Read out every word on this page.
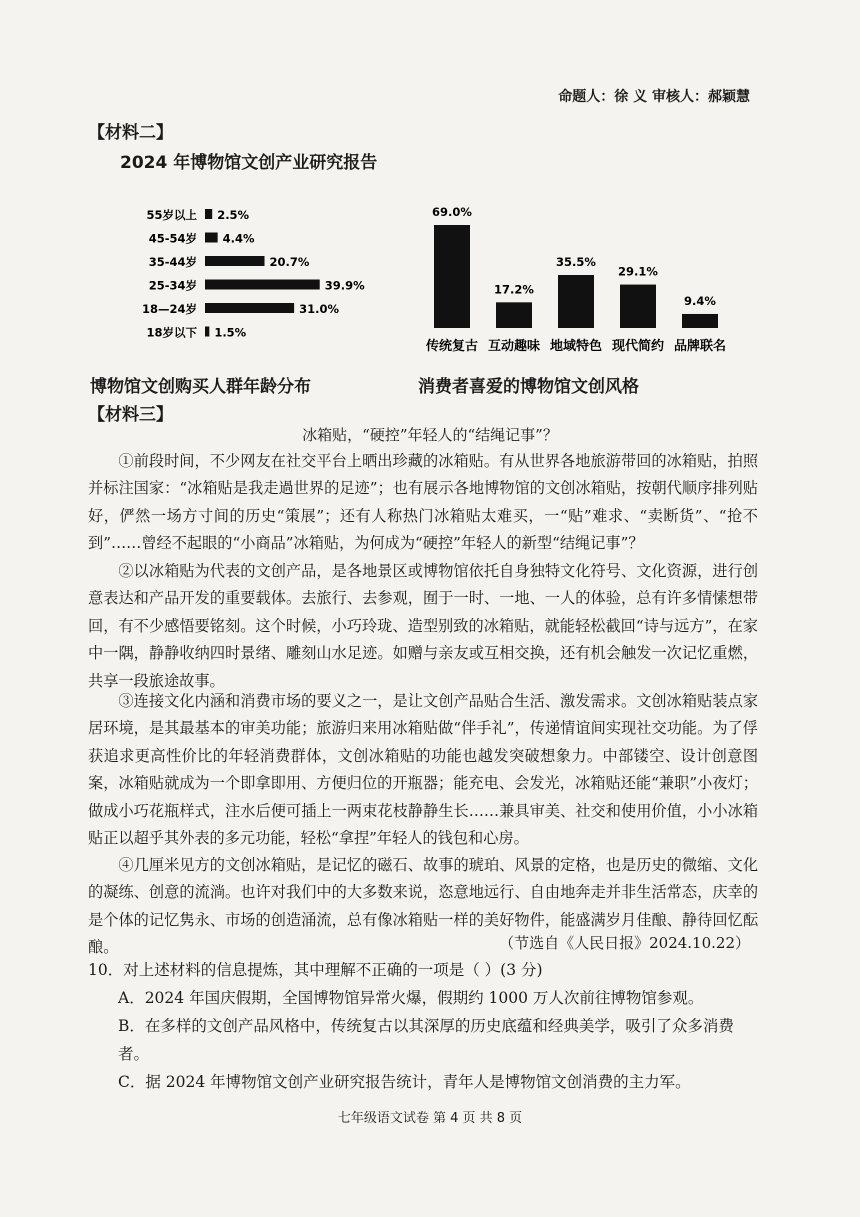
命题人：徐 义 审核人：郝颖慧
【材料二】
2024 年博物馆文创产业研究报告
55岁以上 2.5%
45-54岁 4.4%
35-44岁	20.7%
25-34岁	39.9%
18—24岁	31.0%
18岁以下 1.5%
69.0%
传统复古
17.2%
互动趣味
35.5%
地域特色
29.1%
现代简约
9.4%
品牌联名
博物馆文创购买人群年龄分布	消费者喜爱的博物馆文创风格
【材料三】
冰箱贴，“硬控”年轻人的“结绳记事”？

①前段时间，不少网友在社交平台上晒出珍藏的冰箱贴。有从世界各地旅游带回的冰箱贴，拍照并标注国家：“冰箱贴是我走過世界的足迹”；也有展示各地博物馆的文创冰箱贴，按朝代顺序排列贴好，俨然一场方寸间的历史“策展”；还有人称热门冰箱贴太难买，一“贴”难求、“卖断货”、“抢不到”……曾经不起眼的“小商品”冰箱贴，为何成为“硬控”年轻人的新型“结绳记事”？

②以冰箱贴为代表的文创产品，是各地景区或博物馆依托自身独特文化符号、文化资源，进行创意表达和产品开发的重要载体。去旅行、去参观，囿于一时、一地、一人的体验，总有许多情愫想带回，有不少感悟要铭刻。这个时候，小巧玲珑、造型别致的冰箱贴，就能轻松截回“诗与远方”，在家中一隅，静静收纳四时景绪、雕刻山水足迹。如赠与亲友或互相交换，还有机会触发一次记忆重燃，共享一段旅途故事。

③连接文化内涵和消费市场的要义之一，是让文创产品贴合生活、激发需求。文创冰箱贴装点家居环境，是其最基本的审美功能；旅游归来用冰箱贴做“伴手礼”，传递情谊间实现社交功能。为了俘获追求更高性价比的年轻消费群体，文创冰箱贴的功能也越发突破想象力。中部镂空、设计创意图案，冰箱贴就成为一个即拿即用、方便归位的开瓶器；能充电、会发光，冰箱贴还能“兼职”小夜灯；做成小巧花瓶样式，注水后便可插上一两束花枝静静生长……兼具审美、社交和使用价值，小小冰箱贴正以超乎其外表的多元功能，轻松“拿捏”年轻人的钱包和心房。

④几厘米见方的文创冰箱贴，是记忆的磁石、故事的琥珀、风景的定格，也是历史的微缩、文化的凝练、创意的流淌。也许对我们中的大多数来说，恣意地远行、自由地奔走并非生活常态，庆幸的是个体的记忆隽永、市场的创造涌流，总有像冰箱贴一样的美好物件，能盛满岁月佳酿、静待回忆酝酿。	（节选自《人民日报》2024.10.22）
10．对上述材料的信息提炼，其中理解不正确的一项是（ ）(3 分)
A．2024 年国庆假期，全国博物馆异常火爆，假期约 1000 万人次前往博物馆参观。
B．在多样的文创产品风格中，传统复古以其深厚的历史底蕴和经典美学，吸引了众多消费者。
C．据 2024 年博物馆文创产业研究报告统计，青年人是博物馆文创消费的主力军。
七年级语文试卷 第 4 页 共 8 页
